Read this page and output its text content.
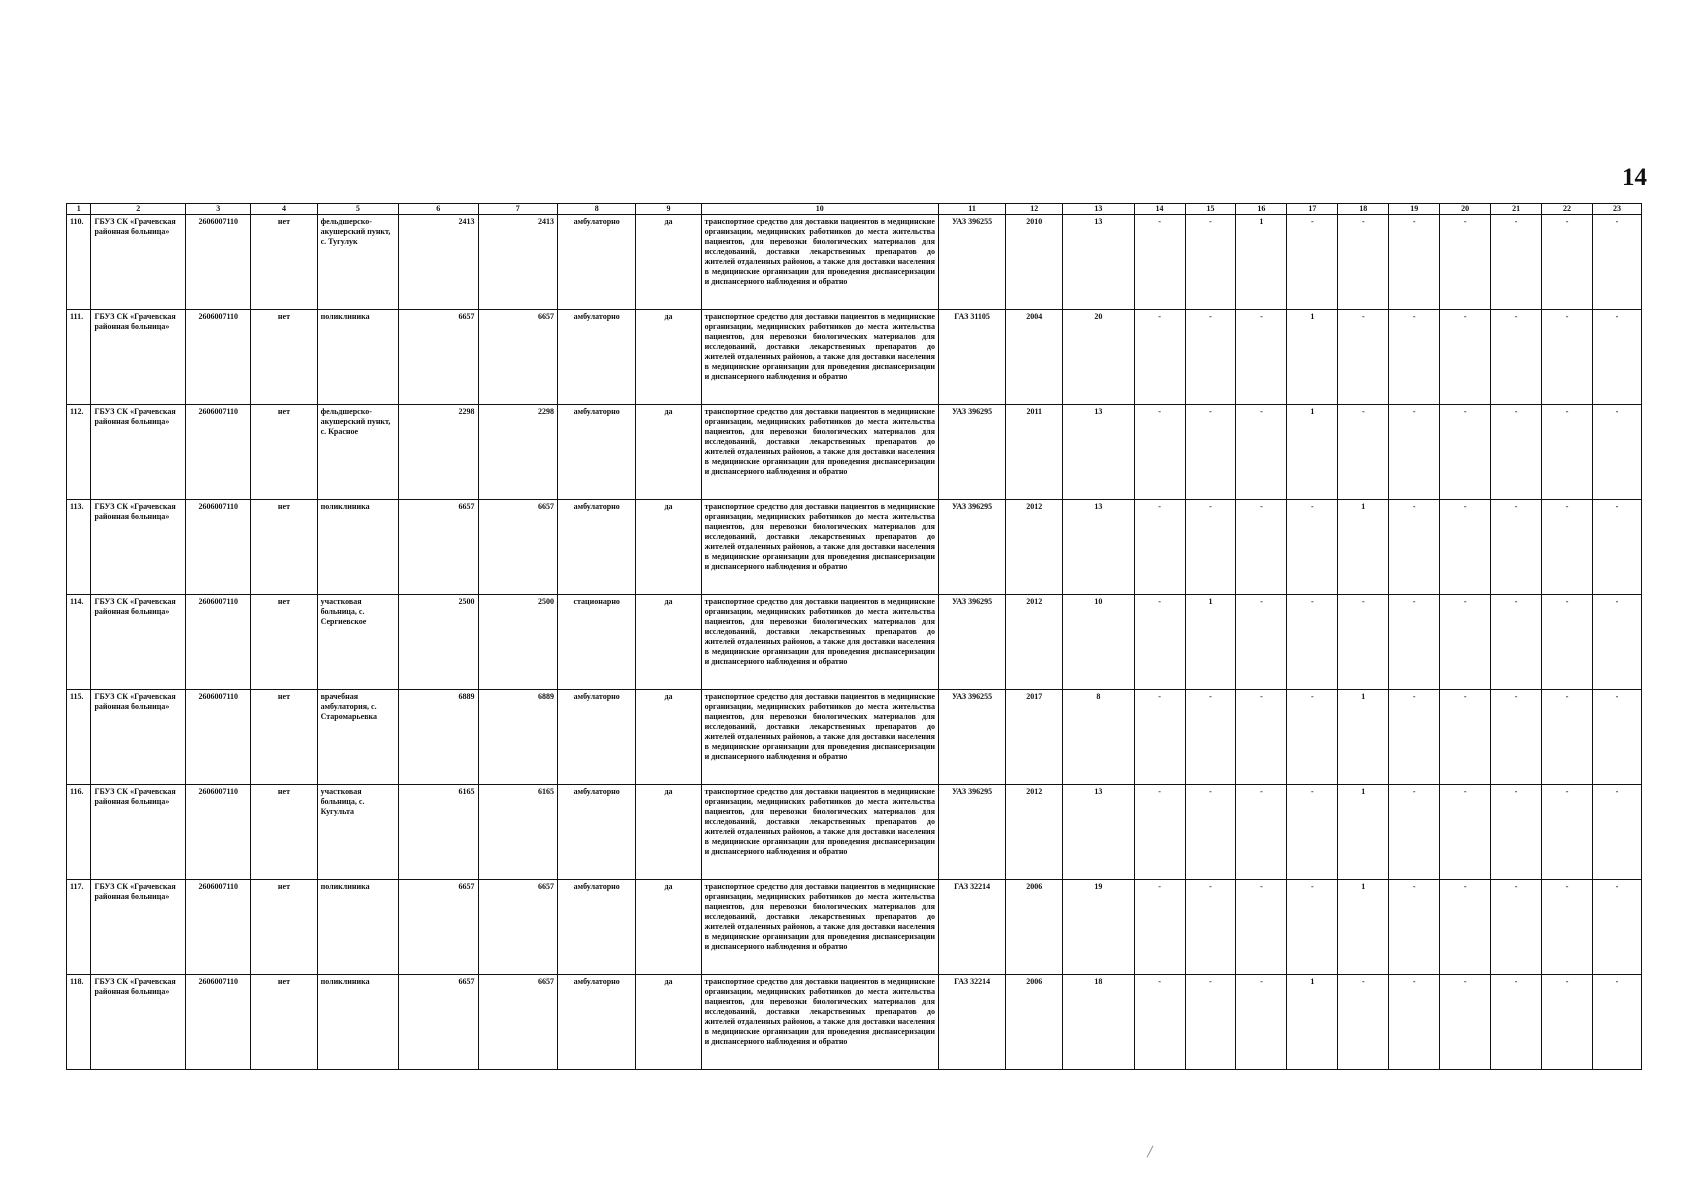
14
1	2	3	4	5	6	7	8	9	10	11	12	13	14	15	16	17	18	19	20	21	22	23
110.	ГБУЗ СК «Грачевская районная больница»	2606007110	нет	фельдшерско-акушерский пункт, с. Тугулук	2413	2413	амбулаторно	да	транспортное средство для доставки пациентов в медицинские организации, медицинских работников до места жительства пациентов, для перевозки биологических материалов для исследований, доставки лекарственных препаратов до жителей отдаленных районов, а также для доставки населения в медицинские организации для проведения диспансеризации и диспансерного наблюдения и обратно	УАЗ 396255	2010	13	-	-	1	-	-	-	-	-	-	-
111.	ГБУЗ СК «Грачевская районная больница»	2606007110	нет	поликлиника	6657	6657	амбулаторно	да	транспортное средство для доставки пациентов в медицинские организации, медицинских работников до места жительства пациентов, для перевозки биологических материалов для исследований, доставки лекарственных препаратов до жителей отдаленных районов, а также для доставки населения в медицинские организации для проведения диспансеризации и диспансерного наблюдения и обратно	ГАЗ 31105	2004	20	-	-	-	1	-	-	-	-	-	-
112.	ГБУЗ СК «Грачевская районная больница»	2606007110	нет	фельдшерско-акушерский пункт, с. Красное	2298	2298	амбулаторно	да	транспортное средство для доставки пациентов в медицинские организации, медицинских работников до места жительства пациентов, для перевозки биологических материалов для исследований, доставки лекарственных препаратов до жителей отдаленных районов, а также для доставки населения в медицинские организации для проведения диспансеризации и диспансерного наблюдения и обратно	УАЗ 396295	2011	13	-	-	-	1	-	-	-	-	-	-
113.	ГБУЗ СК «Грачевская районная больница»	2606007110	нет	поликлиника	6657	6657	амбулаторно	да	транспортное средство для доставки пациентов в медицинские организации, медицинских работников до места жительства пациентов, для перевозки биологических материалов для исследований, доставки лекарственных препаратов до жителей отдаленных районов, а также для доставки населения в медицинские организации для проведения диспансеризации и диспансерного наблюдения и обратно	УАЗ 396295	2012	13	-	-	-	-	1	-	-	-	-	-
114.	ГБУЗ СК «Грачевская районная больница»	2606007110	нет	участковая больница, с. Сергиевское	2500	2500	стационарно	да	транспортное средство для доставки пациентов в медицинские организации, медицинских работников до места жительства пациентов, для перевозки биологических материалов для исследований, доставки лекарственных препаратов до жителей отдаленных районов, а также для доставки населения в медицинские организации для проведения диспансеризации и диспансерного наблюдения и обратно	УАЗ 396295	2012	10	-	1	-	-	-	-	-	-	-	-
115.	ГБУЗ СК «Грачевская районная больница»	2606007110	нет	врачебная амбулатория, с. Старомарьевка	6889	6889	амбулаторно	да	транспортное средство для доставки пациентов в медицинские организации, медицинских работников до места жительства пациентов, для перевозки биологических материалов для исследований, доставки лекарственных препаратов до жителей отдаленных районов, а также для доставки населения в медицинские организации для проведения диспансеризации и диспансерного наблюдения и обратно	УАЗ 396255	2017	8	-	-	-	-	1	-	-	-	-	-
116.	ГБУЗ СК «Грачевская районная больница»	2606007110	нет	участковая больница, с. Кугульта	6165	6165	амбулаторно	да	транспортное средство для доставки пациентов в медицинские организации, медицинских работников до места жительства пациентов, для перевозки биологических материалов для исследований, доставки лекарственных препаратов до жителей отдаленных районов, а также для доставки населения в медицинские организации для проведения диспансеризации и диспансерного наблюдения и обратно	УАЗ 396295	2012	13	-	-	-	-	1	-	-	-	-	-
117.	ГБУЗ СК «Грачевская районная больница»	2606007110	нет	поликлиника	6657	6657	амбулаторно	да	транспортное средство для доставки пациентов в медицинские организации, медицинских работников до места жительства пациентов, для перевозки биологических материалов для исследований, доставки лекарственных препаратов до жителей отдаленных районов, а также для доставки населения в медицинские организации для проведения диспансеризации и диспансерного наблюдения и обратно	ГАЗ 32214	2006	19	-	-	-	-	1	-	-	-	-	-
118.	ГБУЗ СК «Грачевская районная больница»	2606007110	нет	поликлиника	6657	6657	амбулаторно	да	транспортное средство для доставки пациентов в медицинские организации, медицинских работников до места жительства пациентов, для перевозки биологических материалов для исследований, доставки лекарственных препаратов до жителей отдаленных районов, а также для доставки населения в медицинские организации для проведения диспансеризации и диспансерного наблюдения и обратно	ГАЗ 32214	2006	18	-	-	-	1	-	-	-	-	-	-
╱
